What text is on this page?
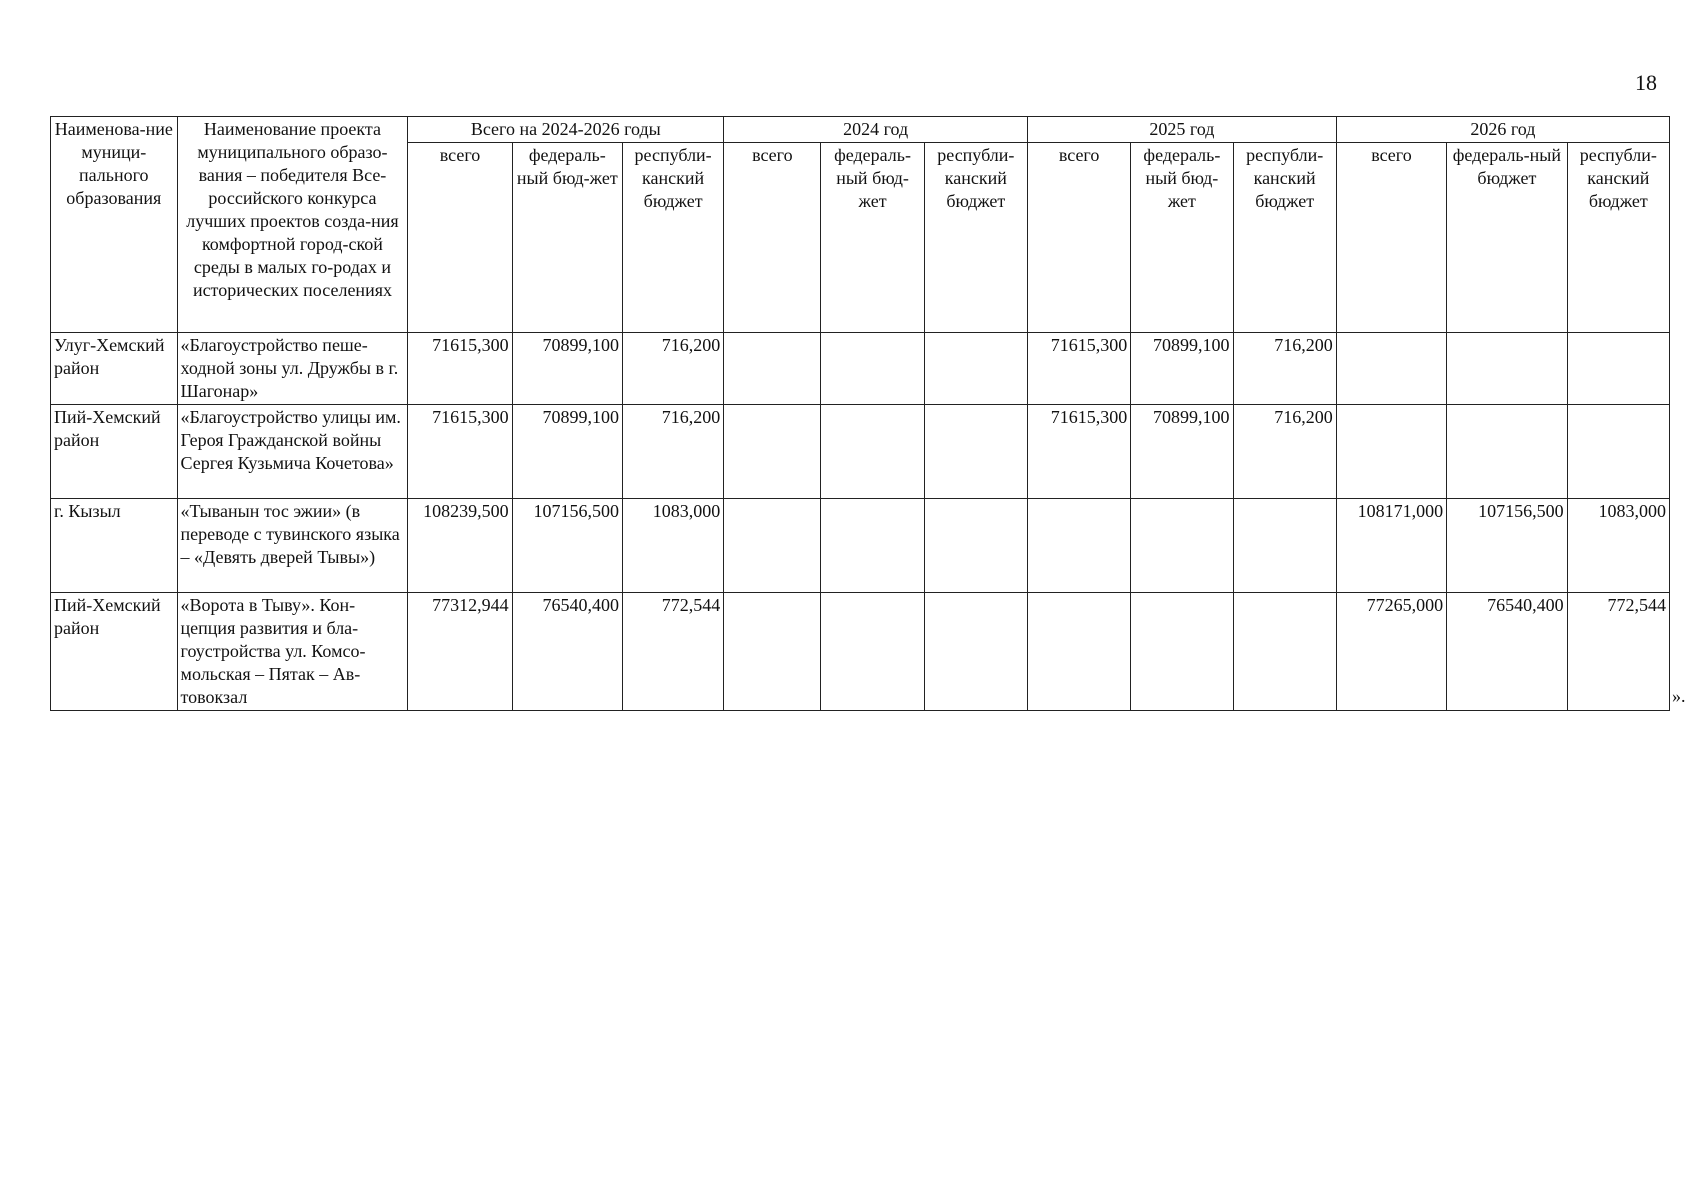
18
Наименова-ние муници-пального образования	Наименование проекта муниципального образо-вания – победителя Все-российского конкурса лучших проектов созда-ния комфортной город-ской среды в малых го-родах и исторических поселениях	Всего на 2024-2026 годы			2024 год			2025 год			2026 год		
		всего	федераль-ный бюд-жет	республи-канский бюджет	всего	федераль-ный бюд-жет	республи-канский бюджет	всего	федераль-ный бюд-жет	республи-канский бюджет	всего	федераль-ный бюджет	республи-канский бюджет
Улуг-Хемский район	«Благоустройство пеше-ходной зоны ул. Дружбы в г. Шагонар»	71615,300	70899,100	716,200				71615,300	70899,100	716,200			
Пий-Хемский район	«Благоустройство улицы им. Героя Гражданской войны Сергея Кузьмича Кочетова»	71615,300	70899,100	716,200				71615,300	70899,100	716,200			
г. Кызыл	«Тыванын тос эжии» (в переводе с тувинского языка – «Девять дверей Тывы»)	108239,500	107156,500	1083,000							108171,000	107156,500	1083,000
Пий-Хемский район	«Ворота в Тыву». Кон-цепция развития и бла-гоустройства ул. Комсо-мольская – Пятак – Ав-товокзал	77312,944	76540,400	772,544							77265,000	76540,400	772,544
».
